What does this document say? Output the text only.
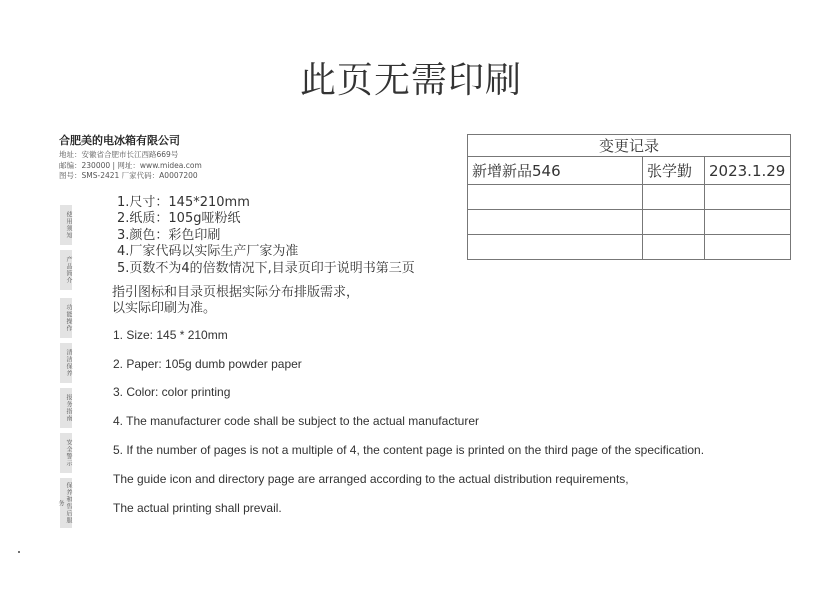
此页无需印刷
合肥美的电冰箱有限公司
地址：安徽省合肥市长江西路669号
邮编：230000 | 网址：www.midea.com
图号：SMS-2421 厂家代码：A0007200
变更记录		
新增新品546	张学勤	2023.1.29

使用须知
产品简介
功能操作
清洁保养
报务指南
安全警示
保养和售后服务
1.尺寸：145*210mm
2.纸质：105g哑粉纸
3.颜色：彩色印刷
4.厂家代码以实际生产厂家为准
5.页数不为4的倍数情况下,目录页印于说明书第三页
指引图标和目录页根据实际分布排版需求，
以实际印刷为准。
1. Size: 145 * 210mm
2. Paper: 105g dumb powder paper
3. Color: color printing
4. The manufacturer code shall be subject to the actual manufacturer
5. If the number of pages is not a multiple of 4, the content page is printed on the third page of the specification.
The guide icon and directory page are arranged according to the actual distribution requirements,
The actual printing shall prevail.
